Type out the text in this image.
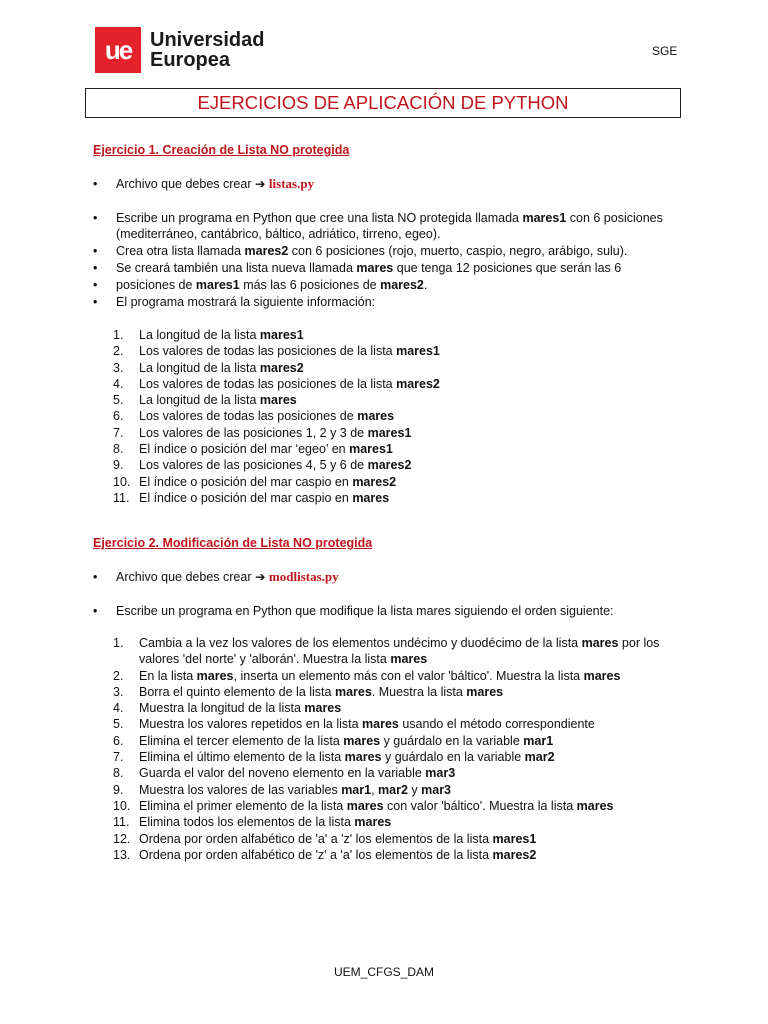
ue Universidad
Europea	SGE
EJERCICIOS DE APLICACIÓN DE PYTHON
Ejercicio 1. Creación de Lista NO protegida
• Archivo que debes crear ➔ listas.py
• Escribe un programa en Python que cree una lista NO protegida llamada mares1 con 6 posiciones (mediterráneo, cantábrico, báltico, adriático, tirreno, egeo).
• Crea otra lista llamada mares2 con 6 posiciones (rojo, muerto, caspio, negro, arábigo, sulu).
• Se creará también una lista nueva llamada mares que tenga 12 posiciones que serán las 6
• posiciones de mares1 más las 6 posiciones de mares2.
• El programa mostrará la siguiente información:
1.	La longitud de la lista mares1
2.	Los valores de todas las posiciones de la lista mares1
3.	La longitud de la lista mares2
4.	Los valores de todas las posiciones de la lista mares2
5.	La longitud de la lista mares
6.	Los valores de todas las posiciones de mares
7.	Los valores de las posiciones 1, 2 y 3 de mares1
8.	El índice o posición del mar ‘egeo’ en mares1
9.	Los valores de las posiciones 4, 5 y 6 de mares2
10. El índice o posición del mar caspio en mares2
11. El índice o posición del mar caspio en mares
Ejercicio 2. Modificación de Lista NO protegida
• Archivo que debes crear ➔ modlistas.py
• Escribe un programa en Python que modifique la lista mares siguiendo el orden siguiente:
1.	Cambia a la vez los valores de los elementos undécimo y duodécimo de la lista mares por los valores 'del norte' y 'alborán'. Muestra la lista mares
2.	En la lista mares, inserta un elemento más con el valor 'báltico'. Muestra la lista mares
3.	Borra el quinto elemento de la lista mares. Muestra la lista mares
4.	Muestra la longitud de la lista mares
5.	Muestra los valores repetidos en la lista mares usando el método correspondiente
6.	Elimina el tercer elemento de la lista mares y guárdalo en la variable mar1
7.	Elimina el último elemento de la lista mares y guárdalo en la variable mar2
8.	Guarda el valor del noveno elemento en la variable mar3
9.	Muestra los valores de las variables mar1, mar2 y mar3
10. Elimina el primer elemento de la lista mares con valor 'báltico'. Muestra la lista mares
11. Elimina todos los elementos de la lista mares
12. Ordena por orden alfabético de 'a' a 'z' los elementos de la lista mares1
13. Ordena por orden alfabético de 'z' a 'a' los elementos de la lista mares2
UEM_CFGS_DAM
